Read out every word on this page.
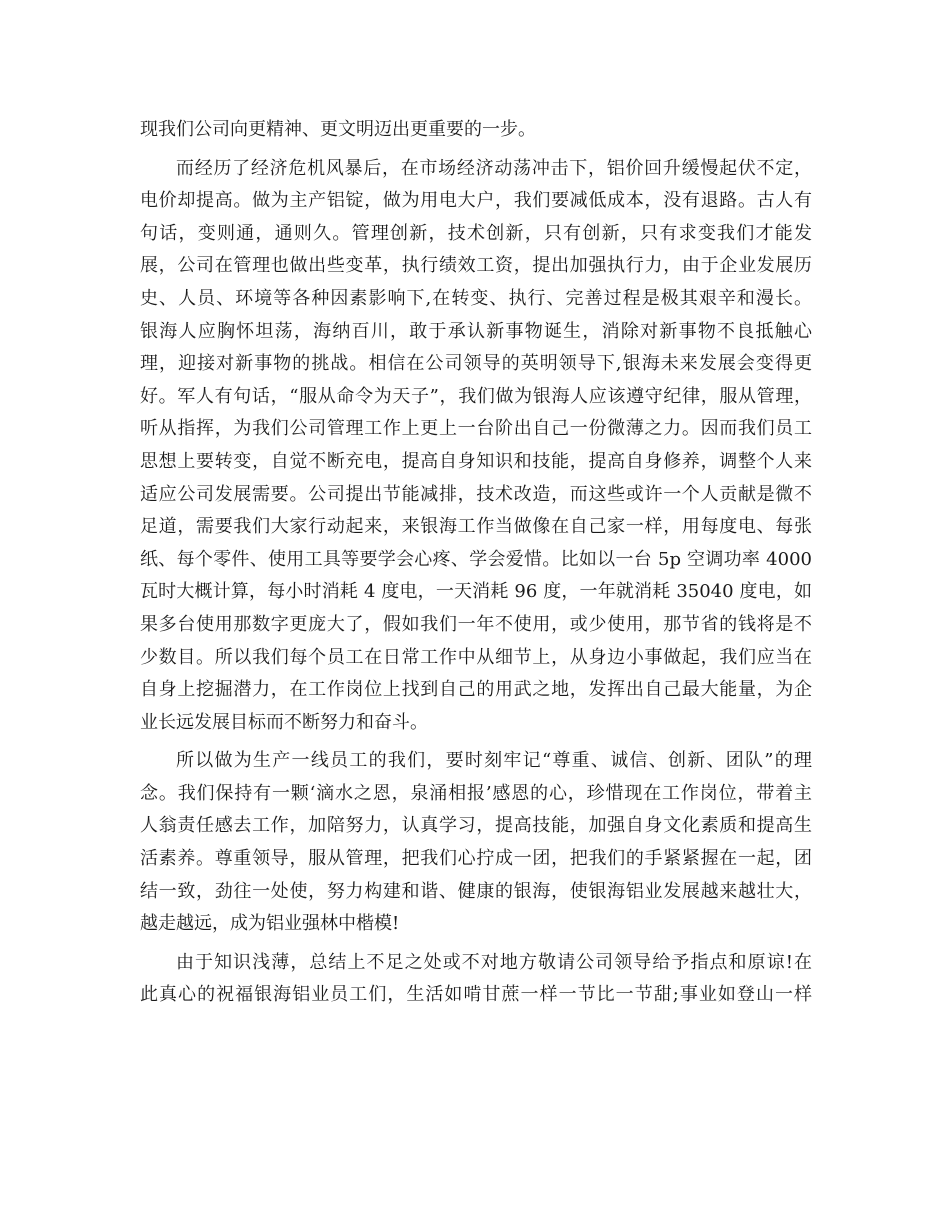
现我们公司向更精神、更文明迈出更重要的一步。
而经历了经济危机风暴后，在市场经济动荡冲击下，铝价回升缓慢起伏不定，
电价却提高。做为主产铝锭，做为用电大户，我们要减低成本，没有退路。古人有
句话，变则通，通则久。管理创新，技术创新，只有创新，只有求变我们才能发
展，公司在管理也做出些变革，执行绩效工资，提出加强执行力，由于企业发展历
史、人员、环境等各种因素影响下,在转变、执行、完善过程是极其艰辛和漫长。
银海人应胸怀坦荡，海纳百川，敢于承认新事物诞生，消除对新事物不良抵触心
理，迎接对新事物的挑战。相信在公司领导的英明领导下,银海未来发展会变得更
好。军人有句话，“服从命令为天子”，我们做为银海人应该遵守纪律，服从管理，
听从指挥，为我们公司管理工作上更上一台阶出自己一份微薄之力。因而我们员工
思想上要转变，自觉不断充电，提高自身知识和技能，提高自身修养，调整个人来
适应公司发展需要。公司提出节能减排，技术改造，而这些或许一个人贡献是微不
足道，需要我们大家行动起来，来银海工作当做像在自己家一样，用每度电、每张
纸、每个零件、使用工具等要学会心疼、学会爱惜。比如以一台 5p 空调功率 4000
瓦时大概计算，每小时消耗 4 度电，一天消耗 96 度，一年就消耗 35040 度电，如
果多台使用那数字更庞大了，假如我们一年不使用，或少使用，那节省的钱将是不
少数目。所以我们每个员工在日常工作中从细节上，从身边小事做起，我们应当在
自身上挖掘潜力，在工作岗位上找到自己的用武之地，发挥出自己最大能量，为企
业长远发展目标而不断努力和奋斗。
所以做为生产一线员工的我们，要时刻牢记“尊重、诚信、创新、团队”的理
念。我们保持有一颗‘滴水之恩，泉涌相报’感恩的心，珍惜现在工作岗位，带着主
人翁责任感去工作，加陪努力，认真学习，提高技能，加强自身文化素质和提高生
活素养。尊重领导，服从管理，把我们心拧成一团，把我们的手紧紧握在一起，团
结一致，劲往一处使，努力构建和谐、健康的银海，使银海铝业发展越来越壮大，
越走越远，成为铝业强林中楷模!
由于知识浅薄，总结上不足之处或不对地方敬请公司领导给予指点和原谅!在
此真心的祝福银海铝业员工们，生活如啃甘蔗一样一节比一节甜;事业如登山一样
